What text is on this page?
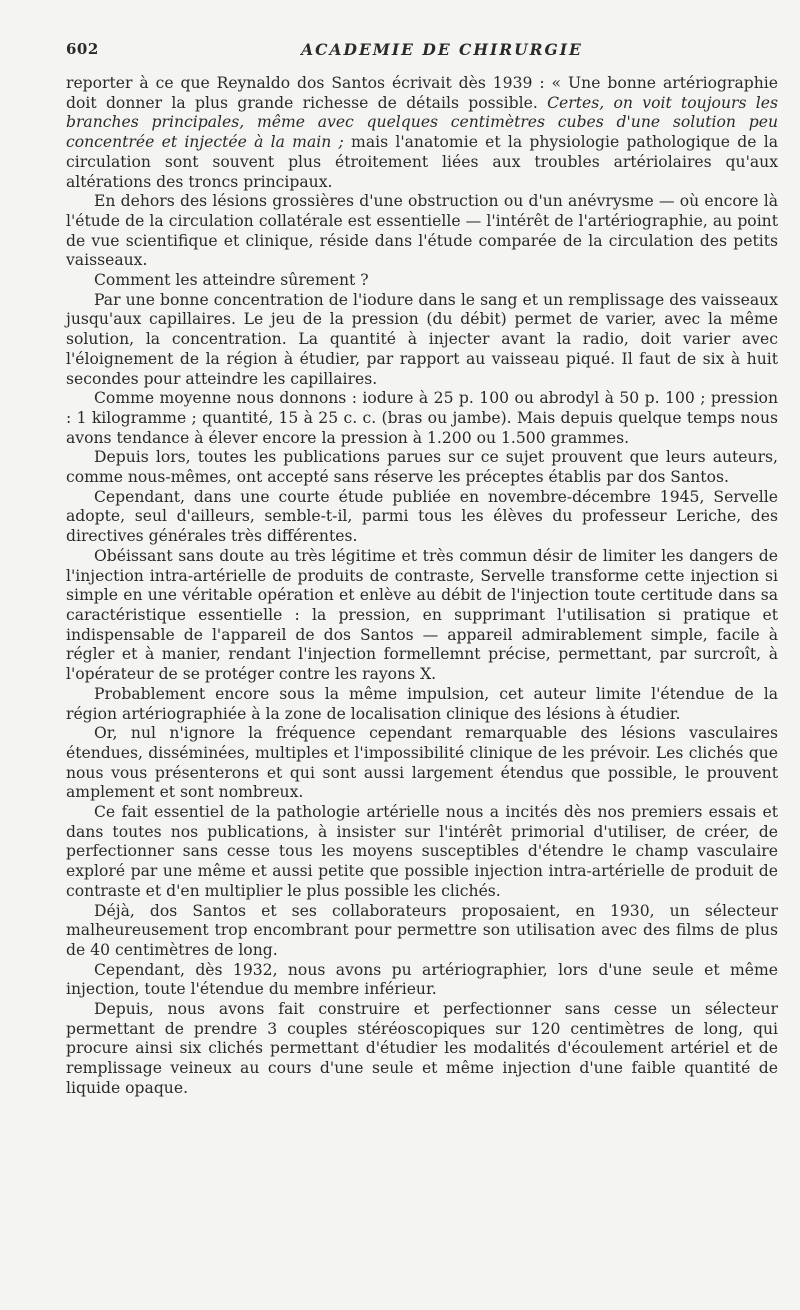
602	ACADEMIE DE CHIRURGIE

reporter à ce que Reynaldo dos Santos écrivait dès 1939 : « Une bonne artériographie doit donner la plus grande richesse de détails possible. Certes, on voit toujours les branches principales, même avec quelques centimètres cubes d'une solution peu concentrée et injectée à la main ; mais l'anatomie et la physiologie pathologique de la circulation sont souvent plus étroitement liées aux troubles artériolaires qu'aux altérations des troncs principaux.

En dehors des lésions grossières d'une obstruction ou d'un anévrysme — où encore là l'étude de la circulation collatérale est essentielle — l'intérêt de l'artériographie, au point de vue scientifique et clinique, réside dans l'étude comparée de la circulation des petits vaisseaux.

Comment les atteindre sûrement ?

Par une bonne concentration de l'iodure dans le sang et un remplissage des vaisseaux jusqu'aux capillaires. Le jeu de la pression (du débit) permet de varier, avec la même solution, la concentration. La quantité à injecter avant la radio, doit varier avec l'éloignement de la région à étudier, par rapport au vaisseau piqué. Il faut de six à huit secondes pour atteindre les capillaires.

Comme moyenne nous donnons : iodure à 25 p. 100 ou abrodyl à 50 p. 100 ; pression : 1 kilogramme ; quantité, 15 à 25 c. c. (bras ou jambe). Mais depuis quelque temps nous avons tendance à élever encore la pression à 1.200 ou 1.500 grammes.

Depuis lors, toutes les publications parues sur ce sujet prouvent que leurs auteurs, comme nous-mêmes, ont accepté sans réserve les préceptes établis par dos Santos.

Cependant, dans une courte étude publiée en novembre-décembre 1945, Servelle adopte, seul d'ailleurs, semble-t-il, parmi tous les élèves du professeur Leriche, des directives générales très différentes.

Obéissant sans doute au très légitime et très commun désir de limiter les dangers de l'injection intra-artérielle de produits de contraste, Servelle transforme cette injection si simple en une véritable opération et enlève au débit de l'injection toute certitude dans sa caractéristique essentielle : la pression, en supprimant l'utilisation si pratique et indispensable de l'appareil de dos Santos — appareil admirablement simple, facile à régler et à manier, rendant l'injection formellemnt précise, permettant, par surcroît, à l'opérateur de se protéger contre les rayons X.

Probablement encore sous la même impulsion, cet auteur limite l'étendue de la région artériographiée à la zone de localisation clinique des lésions à étudier.

Or, nul n'ignore la fréquence cependant remarquable des lésions vasculaires étendues, disséminées, multiples et l'impossibilité clinique de les prévoir. Les clichés que nous vous présenterons et qui sont aussi largement étendus que possible, le prouvent amplement et sont nombreux.

Ce fait essentiel de la pathologie artérielle nous a incités dès nos premiers essais et dans toutes nos publications, à insister sur l'intérêt primorial d'utiliser, de créer, de perfectionner sans cesse tous les moyens susceptibles d'étendre le champ vasculaire exploré par une même et aussi petite que possible injection intra-artérielle de produit de contraste et d'en multiplier le plus possible les clichés.

Déjà, dos Santos et ses collaborateurs proposaient, en 1930, un sélecteur malheureusement trop encombrant pour permettre son utilisation avec des films de plus de 40 centimètres de long.

Cependant, dès 1932, nous avons pu artériographier, lors d'une seule et même injection, toute l'étendue du membre inférieur.

Depuis, nous avons fait construire et perfectionner sans cesse un sélecteur permettant de prendre 3 couples stéréoscopiques sur 120 centimètres de long, qui procure ainsi six clichés permettant d'étudier les modalités d'écoulement artériel et de remplissage veineux au cours d'une seule et même injection d'une faible quantité de liquide opaque.
